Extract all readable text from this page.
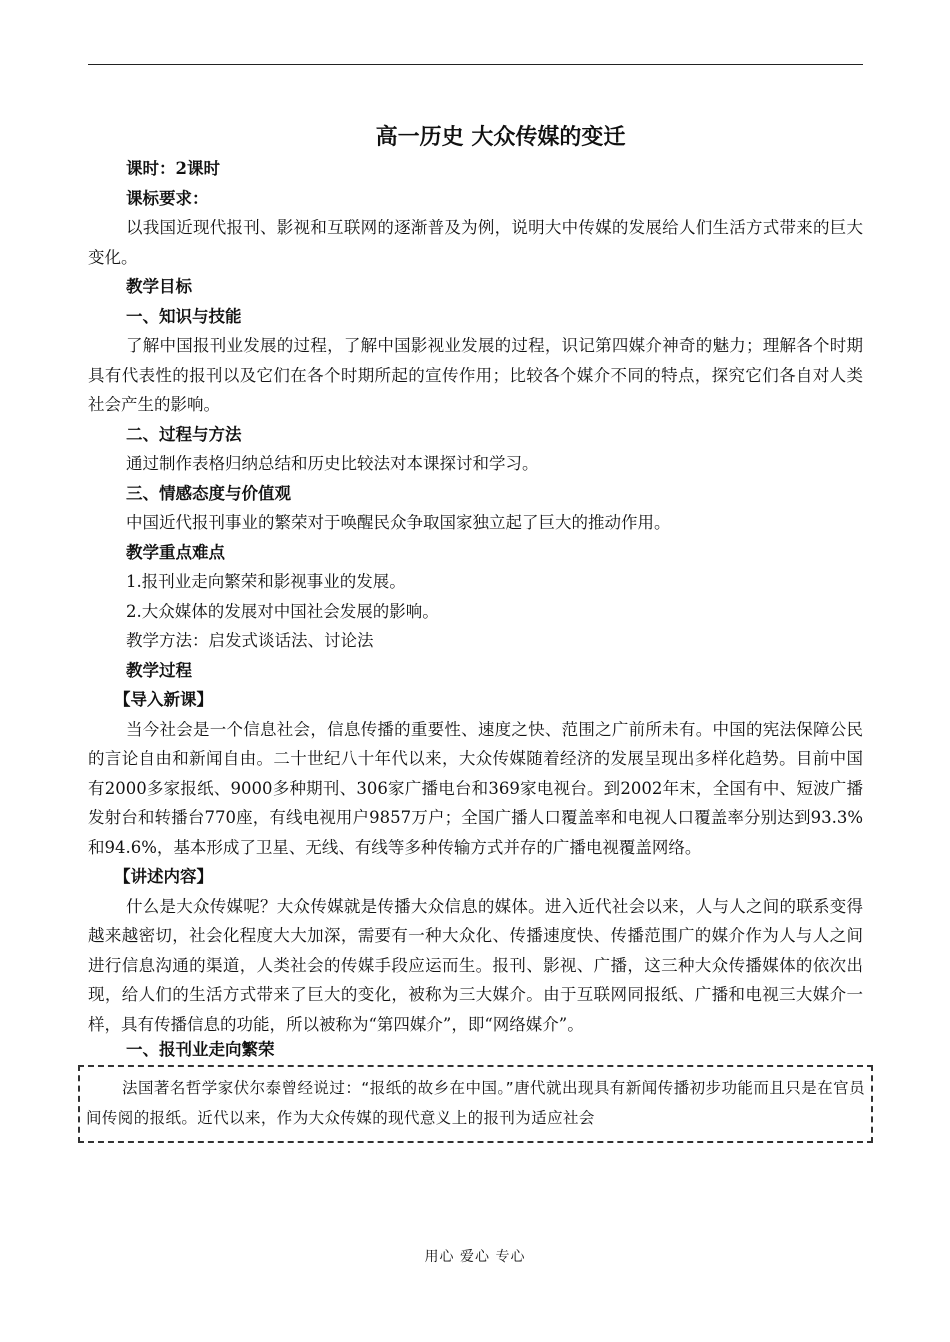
高一历史 大众传媒的变迁
课时：2课时
课标要求：

以我国近现代报刊、影视和互联网的逐渐普及为例，说明大中传媒的发展给人们生活方式带来的巨大变化。

教学目标
一、知识与技能

了解中国报刊业发展的过程，了解中国影视业发展的过程，识记第四媒介神奇的魅力；理解各个时期具有代表性的报刊以及它们在各个时期所起的宣传作用；比较各个媒介不同的特点，探究它们各自对人类社会产生的影响。

二、过程与方法

通过制作表格归纳总结和历史比较法对本课探讨和学习。

三、情感态度与价值观

中国近代报刊事业的繁荣对于唤醒民众争取国家独立起了巨大的推动作用。

教学重点难点
1.报刊业走向繁荣和影视事业的发展。
2.大众媒体的发展对中国社会发展的影响。
教学方法：启发式谈话法、讨论法
教学过程
【导入新课】

当今社会是一个信息社会，信息传播的重要性、速度之快、范围之广前所未有。中国的宪法保障公民的言论自由和新闻自由。二十世纪八十年代以来，大众传媒随着经济的发展呈现出多样化趋势。目前中国有2000多家报纸、9000多种期刊、306家广播电台和369家电视台。到2002年末，全国有中、短波广播发射台和转播台770座，有线电视用户9857万户；全国广播人口覆盖率和电视人口覆盖率分别达到93.3%和94.6%，基本形成了卫星、无线、有线等多种传输方式并存的广播电视覆盖网络。

【讲述内容】

什么是大众传媒呢？大众传媒就是传播大众信息的媒体。进入近代社会以来，人与人之间的联系变得越来越密切，社会化程度大大加深，需要有一种大众化、传播速度快、传播范围广的媒介作为人与人之间进行信息沟通的渠道，人类社会的传媒手段应运而生。报刊、影视、广播，这三种大众传播媒体的依次出现，给人们的生活方式带来了巨大的变化，被称为三大媒介。由于互联网同报纸、广播和电视三大媒介一样，具有传播信息的功能，所以被称为“第四媒介”，即“网络媒介”。

一、报刊业走向繁荣

法国著名哲学家伏尔泰曾经说过：“报纸的故乡在中国。”唐代就出现具有新闻传播初步功能而且只是在官员间传阅的报纸。近代以来，作为大众传媒的现代意义上的报刊为适应社会

用心 爱心 专心
